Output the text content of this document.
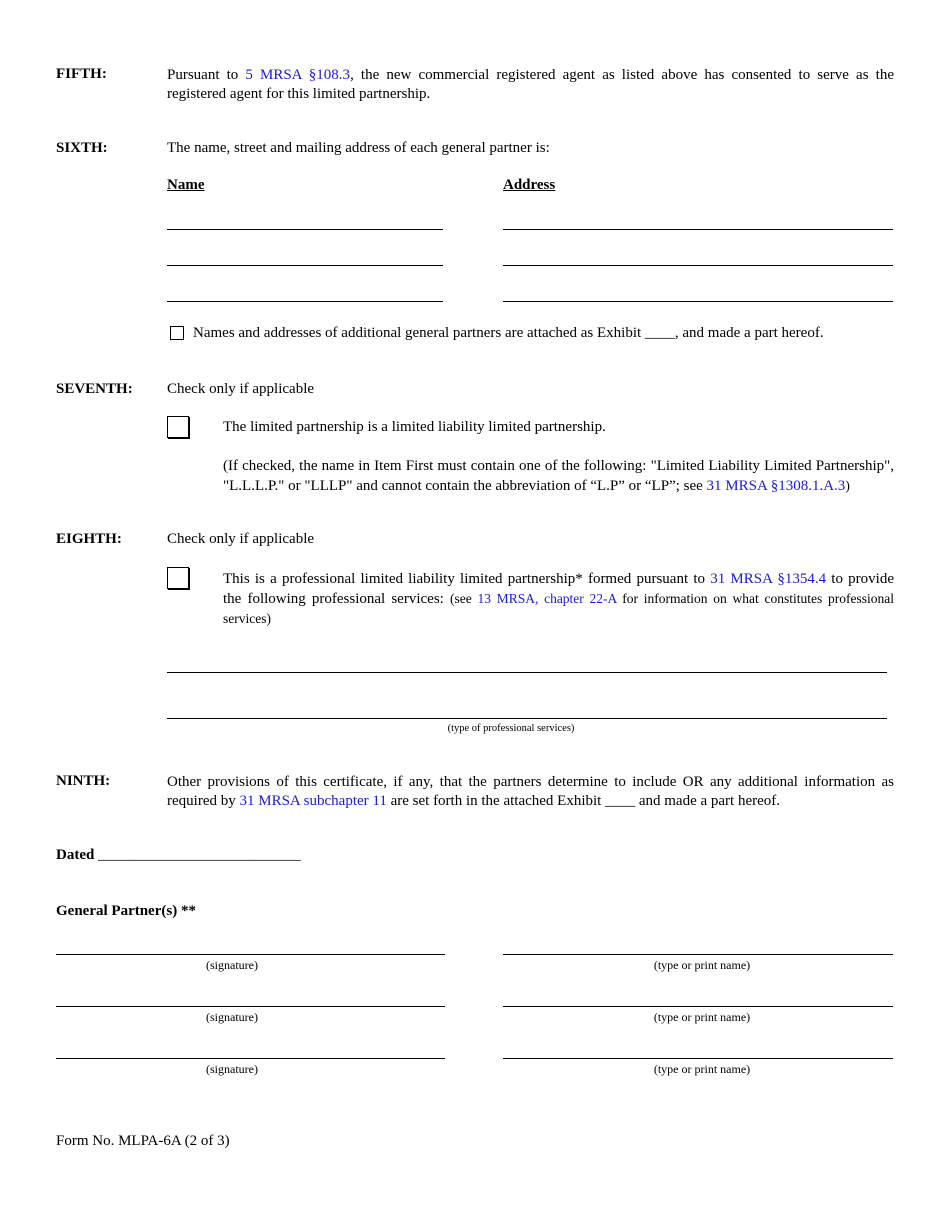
FIFTH:	Pursuant to 5 MRSA §108.3, the new commercial registered agent as listed above has consented to serve as the registered agent for this limited partnership.
SIXTH:	The name, street and mailing address of each general partner is:
Name	Address
Names and addresses of additional general partners are attached as Exhibit ____, and made a part hereof.
SEVENTH: Check only if applicable
The limited partnership is a limited liability limited partnership.
(If checked, the name in Item First must contain one of the following: "Limited Liability Limited Partnership", "L.L.L.P." or "LLLP" and cannot contain the abbreviation of “L.P” or “LP”; see 31 MRSA §1308.1.A.3)
EIGHTH:	Check only if applicable
This is a professional limited liability limited partnership* formed pursuant to 31 MRSA §1354.4 to provide the following professional services: (see 13 MRSA, chapter 22-A for information on what constitutes professional services)
(type of professional services)
NINTH:	Other provisions of this certificate, if any, that the partners determine to include OR any additional information as required by 31 MRSA subchapter 11 are set forth in the attached Exhibit ____ and made a part hereof.
Dated ___________________________
General Partner(s) **
(signature)	(type or print name)
(signature)	(type or print name)
(signature)	(type or print name)
Form No. MLPA-6A (2 of 3)
